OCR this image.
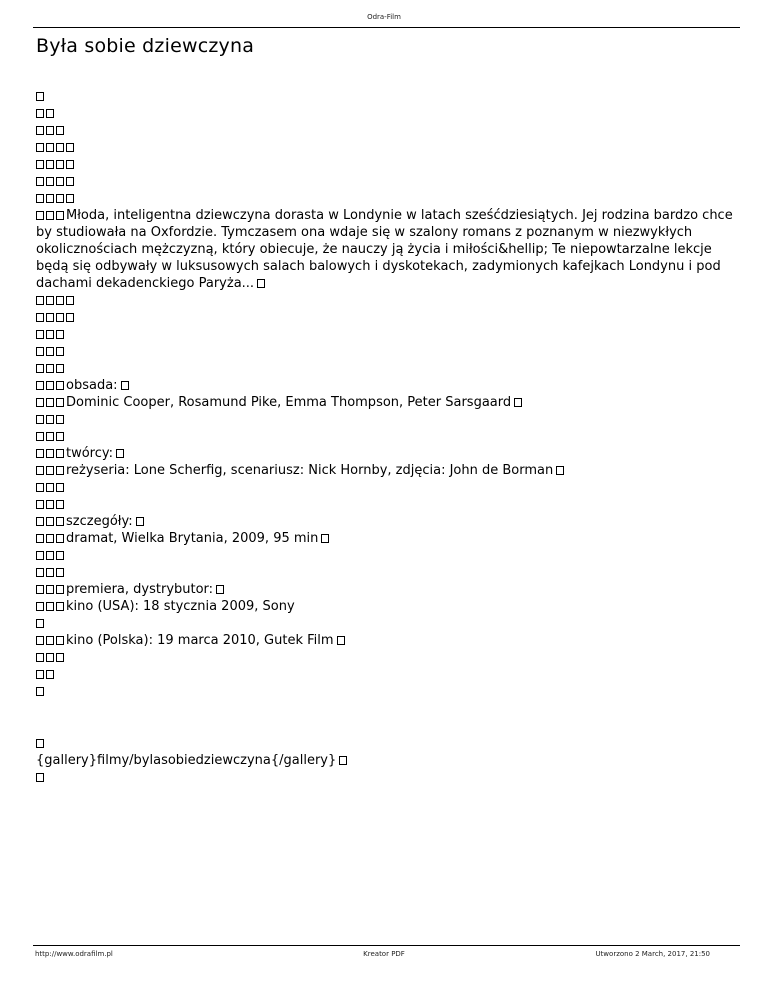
Odra-Film
Była sobie dziewczyna
Młoda, inteligentna dziewczyna dorasta w Londynie w latach sześćdziesiątych. Jej rodzina bardzo chce by studiowała na Oxfordzie. Tymczasem ona wdaje się w szalony romans z poznanym w niezwykłych okolicznościach mężczyzną, który obiecuje, że nauczy ją życia i miłości&hellip; Te niepowtarzalne lekcje będą się odbywały w luksusowych salach balowych i dyskotekach, zadymionych kafejkach Londynu i pod dachami dekadenckiego Paryża...
obsada:
Dominic Cooper, Rosamund Pike, Emma Thompson, Peter Sarsgaard
twórcy:
reżyseria: Lone Scherfig, scenariusz: Nick Hornby, zdjęcia: John de Borman
szczegóły:
dramat, Wielka Brytania, 2009, 95 min
premiera, dystrybutor:
kino (USA): 18 stycznia 2009, Sony
kino (Polska): 19 marca 2010, Gutek Film
{gallery}filmy/bylasobiedziewczyna{/gallery}
http://www.odrafilm.pl	Kreator PDF	Utworzono 2 March, 2017, 21:50
